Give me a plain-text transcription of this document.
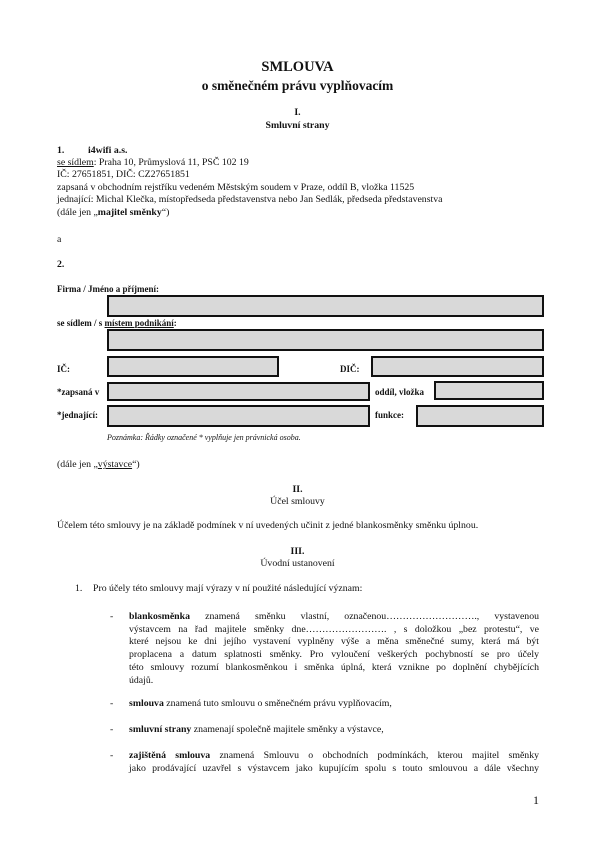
SMLOUVA
o směnečném právu vyplňovacím
I.
Smluvní strany
1. i4wifi a.s.
se sídlem: Praha 10, Průmyslová 11, PSČ 102 19
IČ: 27651851, DIČ: CZ27651851
zapsaná v obchodním rejstříku vedeném Městským soudem v Praze, oddíl B, vložka 11525
jednající: Michal Klečka, místopředseda představenstva nebo Jan Sedlák, předseda představenstva
(dále jen „majitel směnky“)
a
2.
Firma / Jméno a příjmení:
se sídlem / s místem podnikání:
IČ:	DIČ:
*zapsaná v	oddíl, vložka
*jednající:	funkce:
Poznámka: Řádky označené * vyplňuje jen právnická osoba.
(dále jen „výstavce“)
II.
Účel smlouvy
Účelem této smlouvy je na základě podmínek v ní uvedených učinit z jedné blankosměnky směnku úplnou.
III.
Úvodní ustanovení
1. Pro účely této smlouvy mají výrazy v ní použité následující význam:
- blankosměnka znamená směnku vlastní, označenou………………………., vystavenou
výstavcem na řad majitele směnky dne……………………. , s doložkou „bez protestu“, ve
které nejsou ke dni jejího vystavení vyplněny výše a měna směnečné sumy, která má být
proplacena a datum splatnosti směnky. Pro vyloučení veškerých pochybností se pro účely
této smlouvy rozumí blankosměnkou i směnka úplná, která vznikne po doplnění chybějících
údajů.
- smlouva znamená tuto smlouvu o směnečném právu vyplňovacím,
- smluvní strany znamenají společně majitele směnky a výstavce,
- zajištěná smlouva znamená Smlouvu o obchodních podmínkách, kterou majitel směnky
jako prodávající uzavřel s výstavcem jako kupujícím spolu s touto smlouvou a dále všechny
1
